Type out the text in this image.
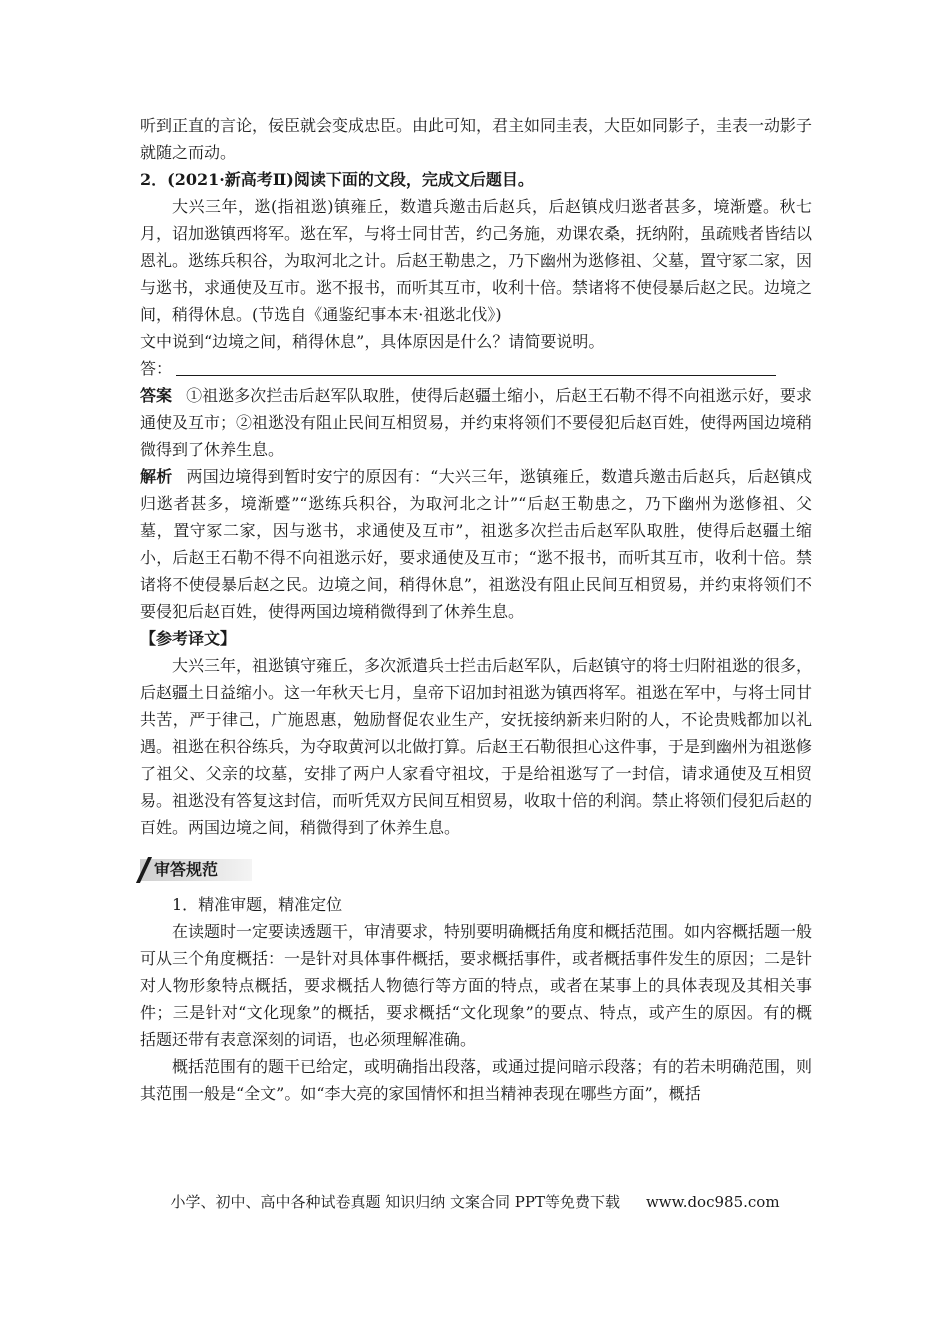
听到正直的言论，佞臣就会变成忠臣。由此可知，君主如同圭表，大臣如同影子，圭表一动影子就随之而动。

2．(2021·新高考Ⅱ)阅读下面的文段，完成文后题目。

大兴三年，逖(指祖逖)镇雍丘，数遣兵邀击后赵兵，后赵镇戍归逖者甚多，境渐蹙。秋七月，诏加逖镇西将军。逖在军，与将士同甘苦，约己务施，劝课农桑，抚纳附，虽疏贱者皆结以恩礼。逖练兵积谷，为取河北之计。后赵王勒患之，乃下幽州为逖修祖、父墓，置守冢二家，因与逖书，求通使及互市。逖不报书，而听其互市，收利十倍。禁诸将不使侵暴后赵之民。边境之间，稍得休息。(节选自《通鉴纪事本末·祖逖北伐》)

文中说到“边境之间，稍得休息”，具体原因是什么？请简要说明。

答：

答案 ①祖逖多次拦击后赵军队取胜，使得后赵疆土缩小，后赵王石勒不得不向祖逖示好，要求通使及互市；②祖逖没有阻止民间互相贸易，并约束将领们不要侵犯后赵百姓，使得两国边境稍微得到了休养生息。

解析 两国边境得到暂时安宁的原因有：“大兴三年，逖镇雍丘，数遣兵邀击后赵兵，后赵镇戍归逖者甚多，境渐蹙”“逖练兵积谷，为取河北之计”“后赵王勒患之，乃下幽州为逖修祖、父墓，置守冢二家，因与逖书，求通使及互市”，祖逖多次拦击后赵军队取胜，使得后赵疆土缩小，后赵王石勒不得不向祖逖示好，要求通使及互市；“逖不报书，而听其互市，收利十倍。禁诸将不使侵暴后赵之民。边境之间，稍得休息”，祖逖没有阻止民间互相贸易，并约束将领们不要侵犯后赵百姓，使得两国边境稍微得到了休养生息。

【参考译文】

大兴三年，祖逖镇守雍丘，多次派遣兵士拦击后赵军队，后赵镇守的将士归附祖逖的很多，后赵疆土日益缩小。这一年秋天七月，皇帝下诏加封祖逖为镇西将军。祖逖在军中，与将士同甘共苦，严于律己，广施恩惠，勉励督促农业生产，安抚接纳新来归附的人，不论贵贱都加以礼遇。祖逖在积谷练兵，为夺取黄河以北做打算。后赵王石勒很担心这件事，于是到幽州为祖逖修了祖父、父亲的坟墓，安排了两户人家看守祖坟，于是给祖逖写了一封信，请求通使及互相贸易。祖逖没有答复这封信，而听凭双方民间互相贸易，收取十倍的利润。禁止将领们侵犯后赵的百姓。两国边境之间，稍微得到了休养生息。

审答规范

1．精准审题，精准定位

在读题时一定要读透题干，审清要求，特别要明确概括角度和概括范围。如内容概括题一般可从三个角度概括：一是针对具体事件概括，要求概括事件，或者概括事件发生的原因；二是针对人物形象特点概括，要求概括人物德行等方面的特点，或者在某事上的具体表现及其相关事件；三是针对“文化现象”的概括，要求概括“文化现象”的要点、特点，或产生的原因。有的概括题还带有表意深刻的词语，也必须理解准确。

概括范围有的题干已给定，或明确指出段落，或通过提问暗示段落；有的若未明确范围，则其范围一般是“全文”。如“李大亮的家国情怀和担当精神表现在哪些方面”，概括

小学、初中、高中各种试卷真题 知识归纳 文案合同 PPT等免费下载 www.doc985.com
